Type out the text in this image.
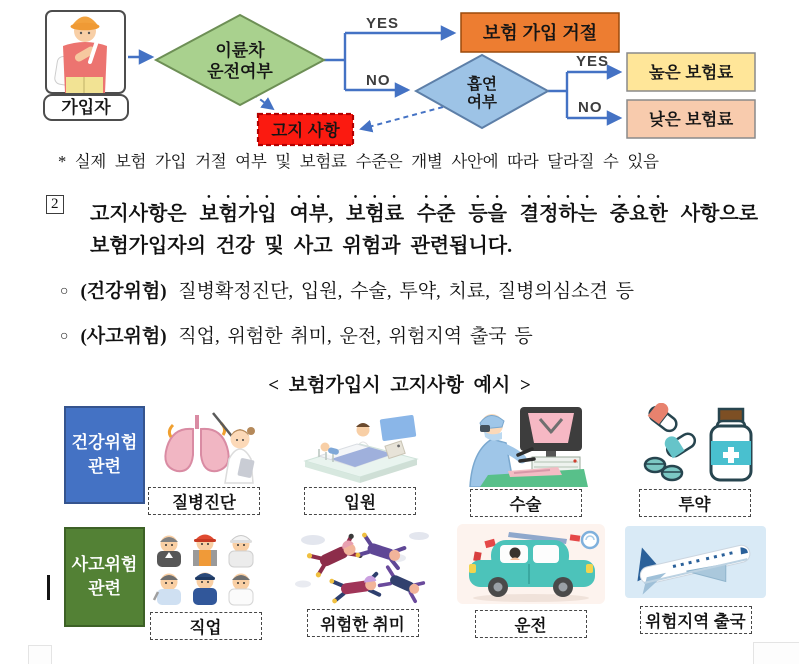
YES
NO
YES
NO
가입자
이륜차
운전여부
보험 가입 거절
흡연
여부
높은 보험료
낮은 보험료
고지 사항
* 실제 보험 가입 거절 여부 및 보험료 수준은 개별 사안에 따라 달라질 수 있음
2 고지사항은 보험가입 여부, 보험료 수준 등을 결정하는 중요한 사항으로 보험가입자의 건강 및 사고 위험과 관련됩니다.
○ (건강위험) 질병확정진단, 입원, 수술, 투약, 치료, 질병의심소견 등
○ (사고위험) 직업, 위험한 취미, 운전, 위험지역 출국 등
< 보험가입시 고지사항 예시 >
건강위험
관련
사고위험
관련
질병진단	입원	수술	투약
직업	위험한 취미	운전	위험지역 출국
